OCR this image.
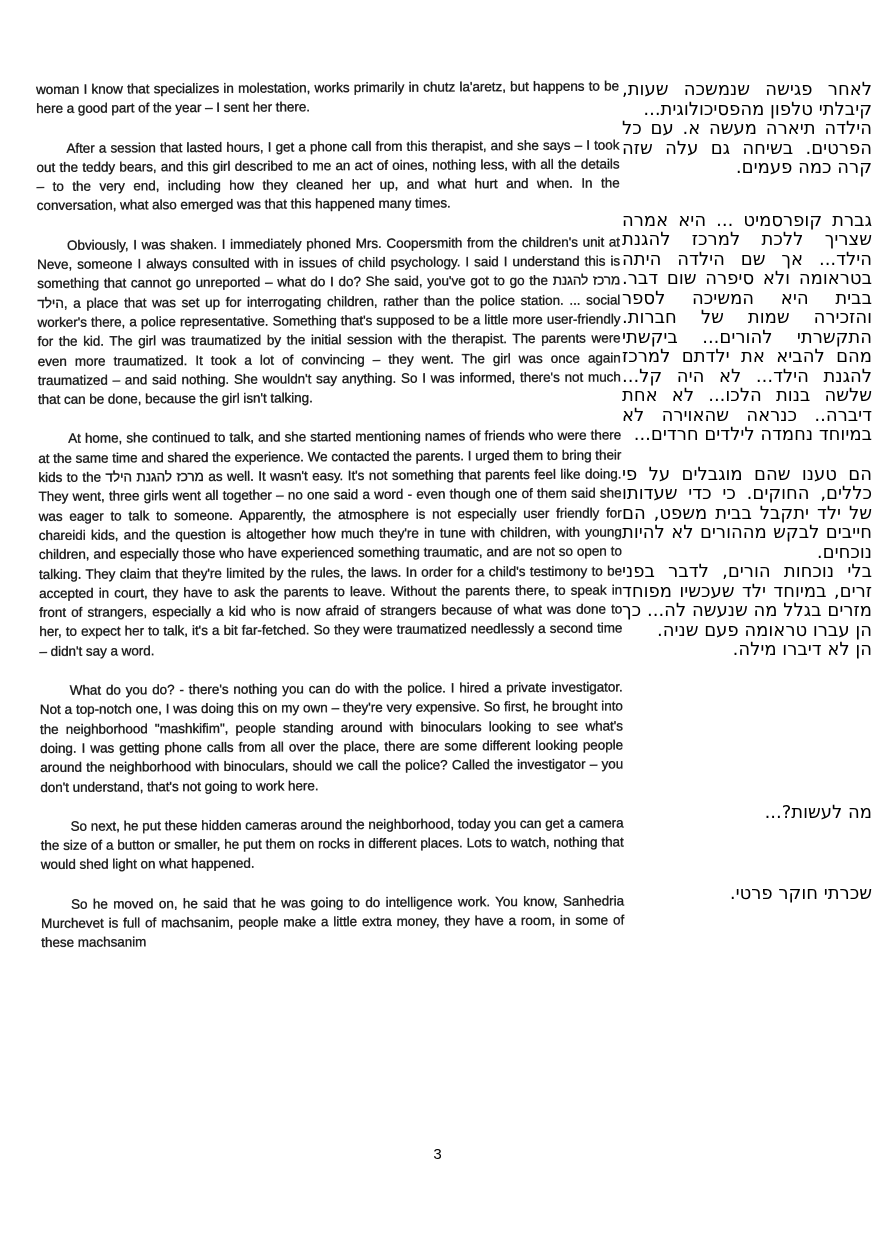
woman I know that specializes in molestation, works primarily in chutz la'aretz, but happens to be here a good part of the year – I sent her there.

After a session that lasted hours, I get a phone call from this therapist, and she says – I took out the teddy bears, and this girl described to me an act of oines, nothing less, with all the details – to the very end, including how they cleaned her up, and what hurt and when. In the conversation, what also emerged was that this happened many times.

Obviously, I was shaken. I immediately phoned Mrs. Coopersmith from the children's unit at Neve, someone I always consulted with in issues of child psychology. I said I understand this is something that cannot go unreported – what do I do? She said, you've got to go the מרכז להגנת הילד, a place that was set up for interrogating children, rather than the police station. ... social worker's there, a police representative. Something that's supposed to be a little more user-friendly for the kid. The girl was traumatized by the initial session with the therapist. The parents were even more traumatized. It took a lot of convincing – they went. The girl was once again traumatized – and said nothing. She wouldn't say anything. So I was informed, there's not much that can be done, because the girl isn't talking.

At home, she continued to talk, and she started mentioning names of friends who were there at the same time and shared the experience. We contacted the parents. I urged them to bring their kids to the מרכז להגנת הילד as well. It wasn't easy. It's not something that parents feel like doing. They went, three girls went all together – no one said a word - even though one of them said she was eager to talk to someone. Apparently, the atmosphere is not especially user friendly for chareidi kids, and the question is altogether how much they're in tune with children, with young children, and especially those who have experienced something traumatic, and are not so open to talking. They claim that they're limited by the rules, the laws. In order for a child's testimony to be accepted in court, they have to ask the parents to leave. Without the parents there, to speak in front of strangers, especially a kid who is now afraid of strangers because of what was done to her, to expect her to talk, it's a bit far-fetched. So they were traumatized needlessly a second time – didn't say a word.

What do you do? - there's nothing you can do with the police. I hired a private investigator. Not a top-notch one, I was doing this on my own – they're very expensive. So first, he brought into the neighborhood "mashkifim", people standing around with binoculars looking to see what's doing. I was getting phone calls from all over the place, there are some different looking people around the neighborhood with binoculars, should we call the police? Called the investigator – you don't understand, that's not going to work here.

So next, he put these hidden cameras around the neighborhood, today you can get a camera the size of a button or smaller, he put them on rocks in different places. Lots to watch, nothing that would shed light on what happened.

So he moved on, he said that he was going to do intelligence work. You know, Sanhedria Murchevet is full of machsanim, people make a little extra money, they have a room, in some of these machsanim

לאחר פגישה שנמשכה שעות, קיבלתי טלפון מהפסיכולוגית...

הילדה תיארה מעשה א. עם כל הפרטים. בשיחה גם עלה שזה קרה כמה פעמים.

גברת קופרסמיט ... היא אמרה שצריך ללכת למרכז להגנת הילד... אך שם הילדה היתה בטראומה ולא סיפרה שום דבר. בבית היא המשיכה לספר והזכירה שמות של חברות. התקשרתי להורים... ביקשתי מהם להביא את ילדתם למרכז להגנת הילד... לא היה קל... שלשה בנות הלכו... לא אחת דיברה.. כנראה שהאוירה לא במיוחד נחמדה לילדים חרדים...

הם טענו שהם מוגבלים על פי כללים, החוקים. כי כדי שעדותו של ילד יתקבל בבית משפט, הם חייבים לבקש מההורים לא להיות נוכחים.

בלי נוכחות הורים, לדבר בפני זרים, במיוחד ילד שעכשיו מפוחד מזרים בגלל מה שנעשה לה... כך הן עברו טראומה פעם שניה.

הן לא דיברו מילה.

מה לעשות?...

שכרתי חוקר פרטי.

3
